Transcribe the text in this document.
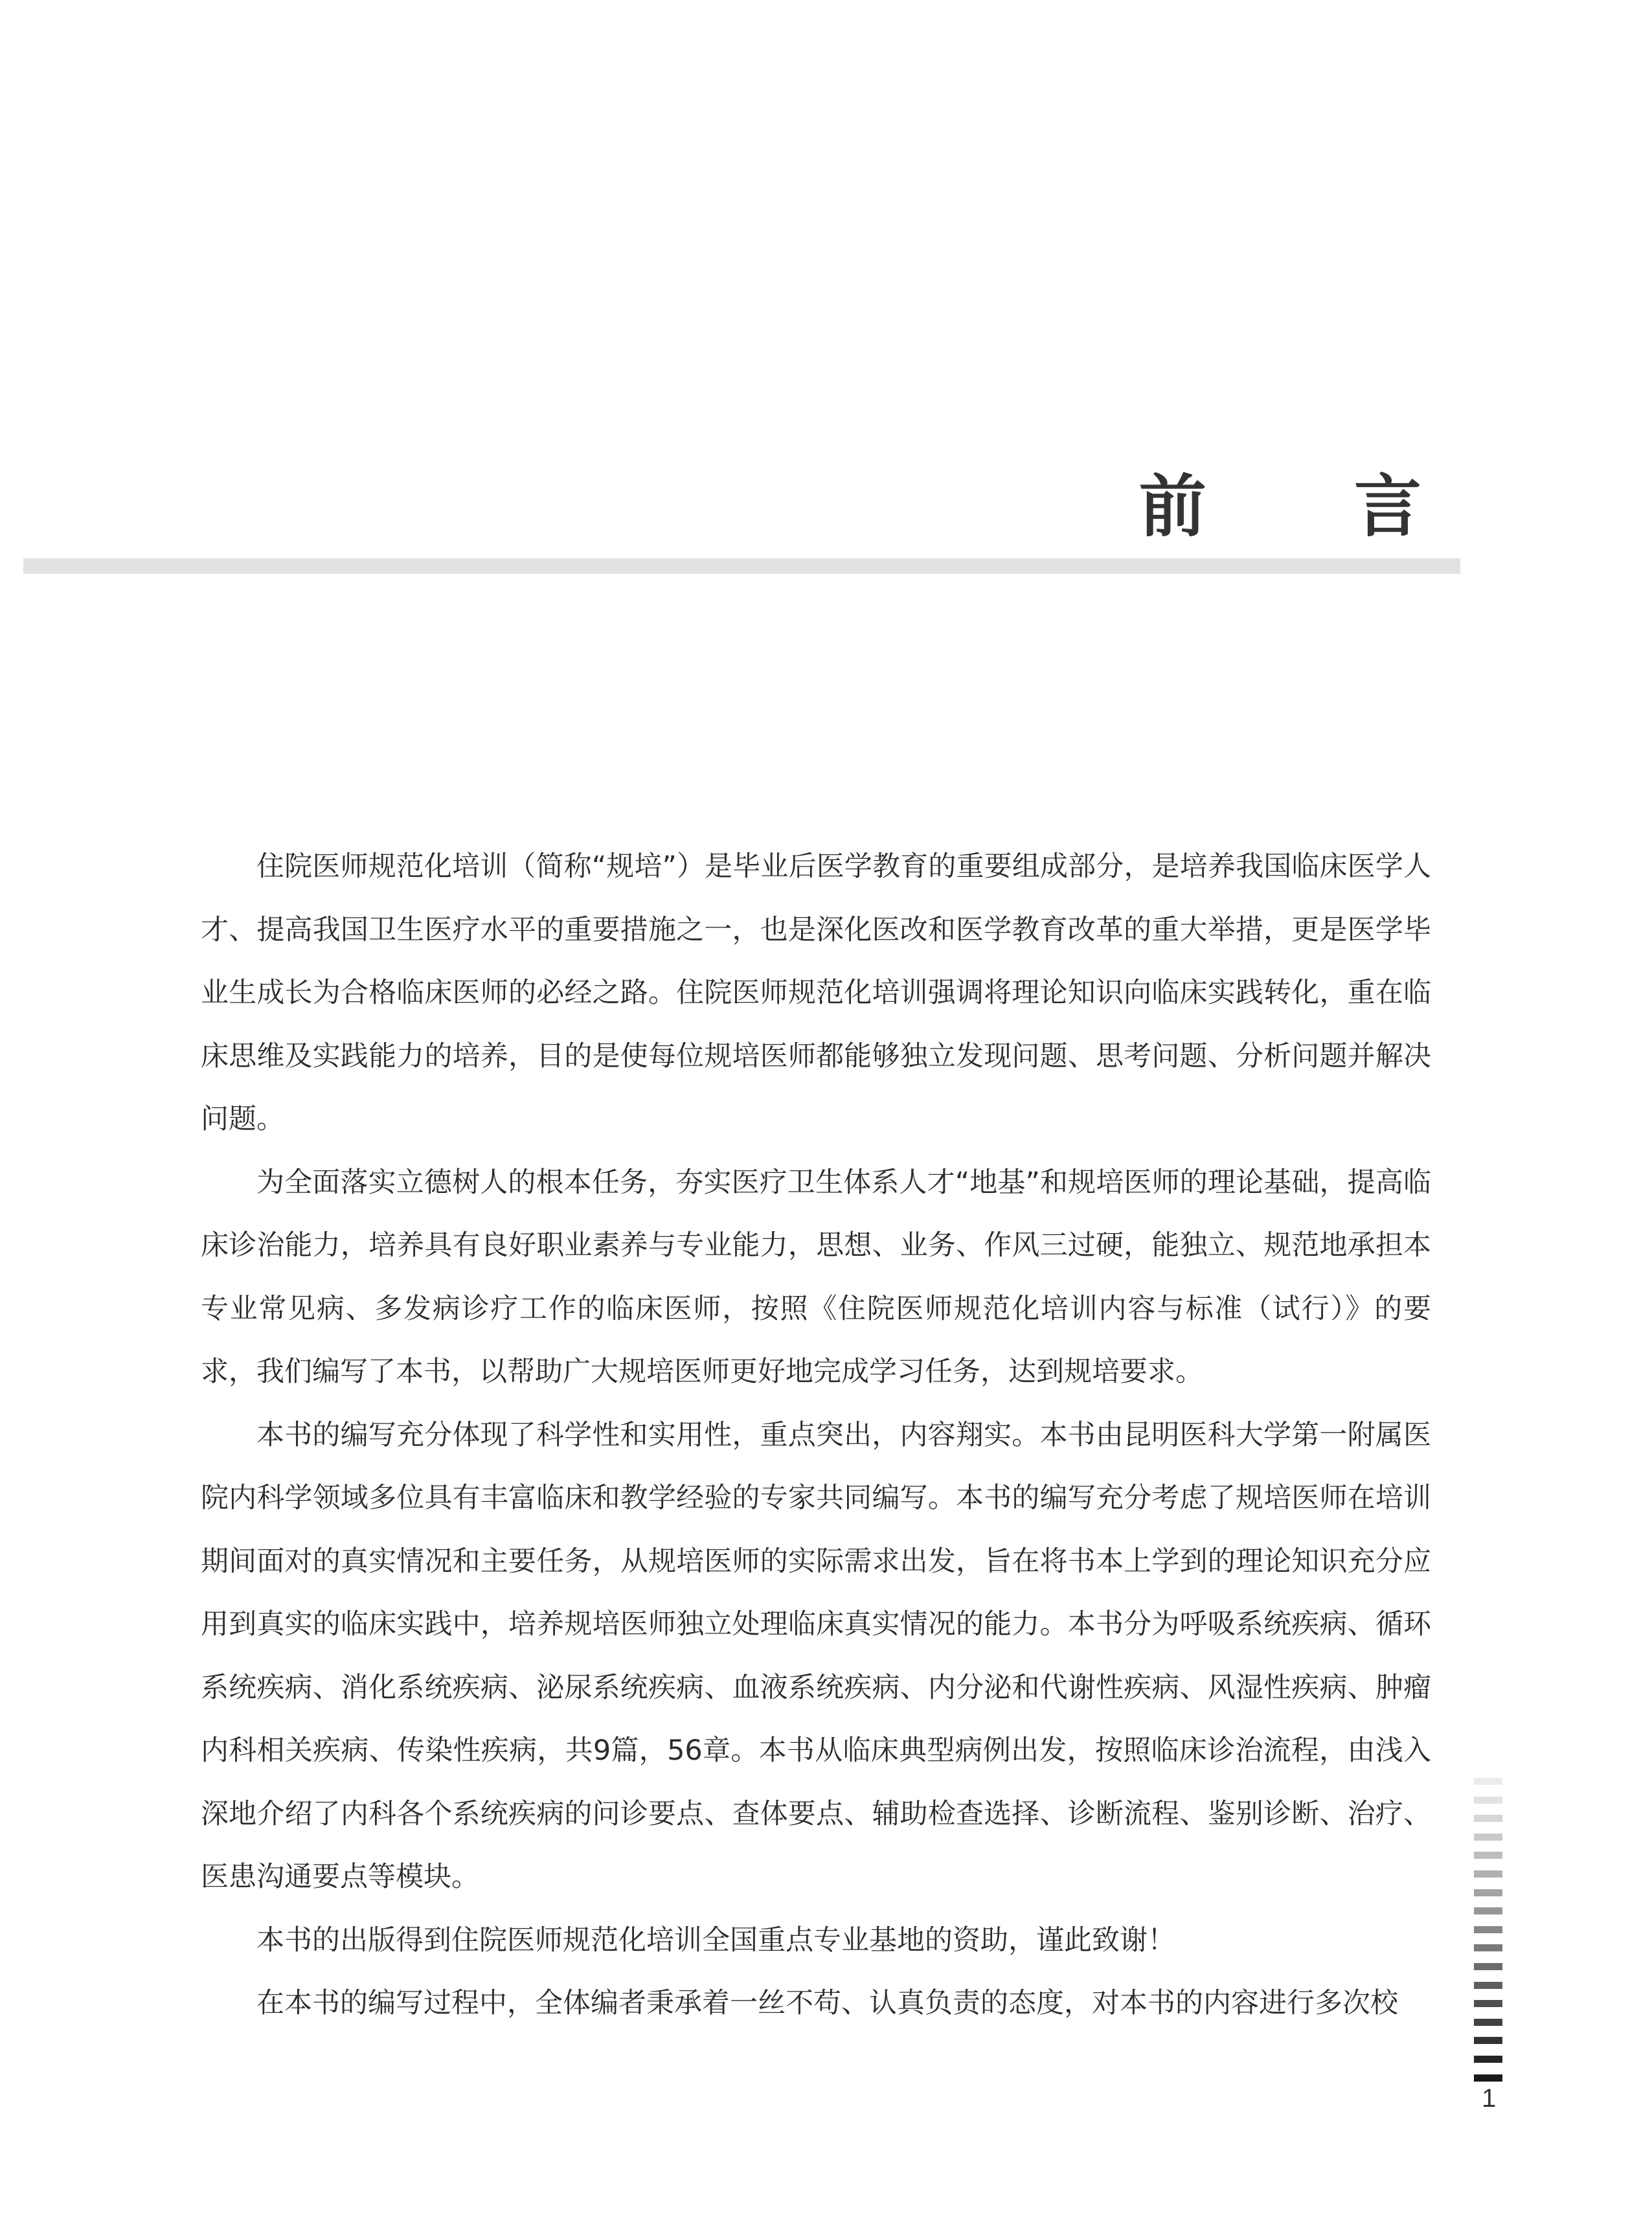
前 言

住院医师规范化培训（简称“规培”）是毕业后医学教育的重要组成部分，是培养我国临床医学人才、提高我国卫生医疗水平的重要措施之一，也是深化医改和医学教育改革的重大举措，更是医学毕业生成长为合格临床医师的必经之路。住院医师规范化培训强调将理论知识向临床实践转化，重在临床思维及实践能力的培养，目的是使每位规培医师都能够独立发现问题、思考问题、分析问题并解决问题。

为全面落实立德树人的根本任务，夯实医疗卫生体系人才“地基”和规培医师的理论基础，提高临床诊治能力，培养具有良好职业素养与专业能力，思想、业务、作风三过硬，能独立、规范地承担本专业常见病、多发病诊疗工作的临床医师，按照《住院医师规范化培训内容与标准（试行）》的要求，我们编写了本书，以帮助广大规培医师更好地完成学习任务，达到规培要求。

本书的编写充分体现了科学性和实用性，重点突出，内容翔实。本书由昆明医科大学第一附属医院内科学领域多位具有丰富临床和教学经验的专家共同编写。本书的编写充分考虑了规培医师在培训期间面对的真实情况和主要任务，从规培医师的实际需求出发，旨在将书本上学到的理论知识充分应用到真实的临床实践中，培养规培医师独立处理临床真实情况的能力。本书分为呼吸系统疾病、循环系统疾病、消化系统疾病、泌尿系统疾病、血液系统疾病、内分泌和代谢性疾病、风湿性疾病、肿瘤内科相关疾病、传染性疾病，共9篇，56章。本书从临床典型病例出发，按照临床诊治流程，由浅入深地介绍了内科各个系统疾病的问诊要点、查体要点、辅助检查选择、诊断流程、鉴别诊断、治疗、医患沟通要点等模块。

本书的出版得到住院医师规范化培训全国重点专业基地的资助，谨此致谢！

在本书的编写过程中，全体编者秉承着一丝不苟、认真负责的态度，对本书的内容进行多次校

1
